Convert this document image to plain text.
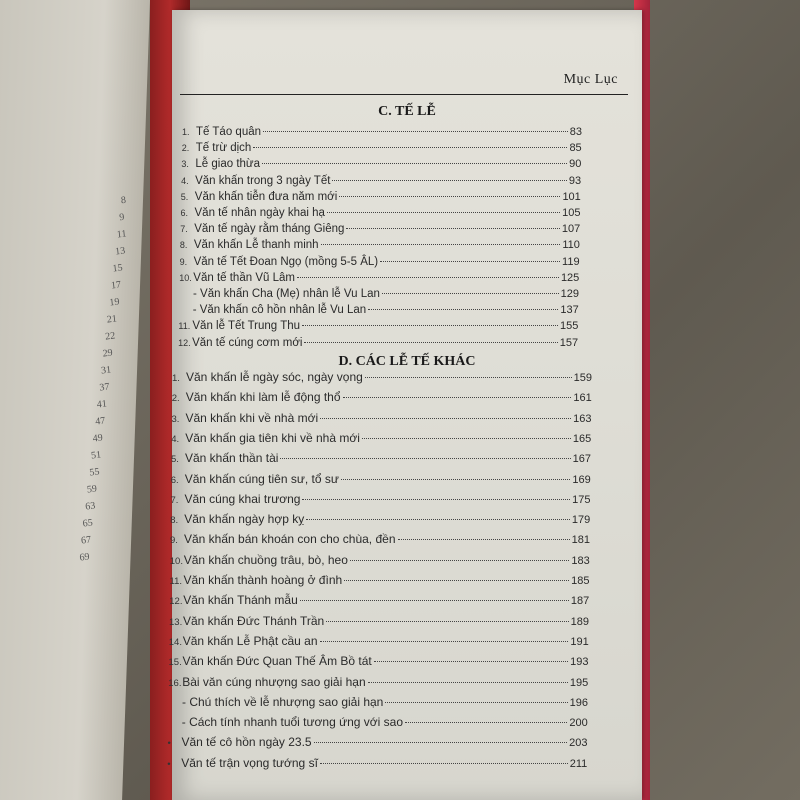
8
9
11
13
15
17
19
21
22
29
31
37
41
47
49
51
55
59
63
65
67
69
Mục Lục
C. TẾ LỄ
1. Tế Táo quân	83
2. Tế trừ dịch	85
3. Lễ giao thừa	90
4. Văn khấn trong 3 ngày Tết	93
5. Văn khấn tiễn đưa năm mới	101
6. Văn tế nhân ngày khai hạ	105
7. Văn tế ngày rằm tháng Giêng	107
8. Văn khấn Lễ thanh minh	110
9. Văn tế Tết Đoan Ngọ (mồng 5-5 ÂL)	119
10. Văn tế thần Vũ Lâm	125
- Văn khấn Cha (Mẹ) nhân lễ Vu Lan	129
- Văn khấn cô hồn nhân lễ Vu Lan	137
11. Văn lễ Tết Trung Thu	155
12. Văn tế cúng cơm mới	157
D. CÁC LỄ TẾ KHÁC
1. Văn khấn lễ ngày sóc, ngày vọng	159
2. Văn khấn khi làm lễ động thổ	161
3. Văn khấn khi về nhà mới	163
4. Văn khấn gia tiên khi về nhà mới	165
5. Văn khấn thần tài	167
6. Văn khấn cúng tiên sư, tổ sư	169
7. Văn cúng khai trương	175
8. Văn khấn ngày hợp kỵ	179
9. Văn khấn bán khoán con cho chùa, đền	181
10. Văn khấn chuồng trâu, bò, heo	183
11. Văn khấn thành hoàng ở đình	185
12. Văn khấn Thánh mẫu	187
13. Văn khấn Đức Thánh Trần	189
14. Văn khấn Lễ Phật cầu an	191
15. Văn khấn Đức Quan Thế Âm Bồ tát	193
16. Bài văn cúng nhượng sao giải hạn	195
- Chú thích về lễ nhượng sao giải hạn	196
- Cách tính nhanh tuổi tương ứng với sao	200
• Văn tế cô hồn ngày 23.5	203
• Văn tế trận vọng tướng sĩ	211
